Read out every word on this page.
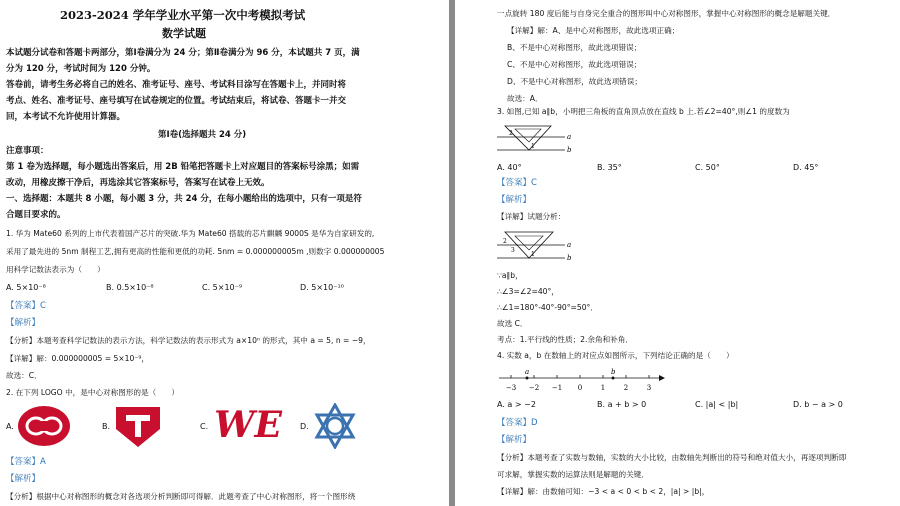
2023-2024 学年学业水平第一次中考模拟考试
数学试题
本试题分试卷和答题卡两部分，第Ⅰ卷满分为 24 分；第Ⅱ卷满分为 96 分，本试题共 7 页，满
分为 120 分，考试时间为 120 分钟。
答卷前，请考生务必将自己的姓名、准考证号、座号、考试科目涂写在答题卡上，并同时将
考点、姓名、准考证号、座号填写在试卷规定的位置。考试结束后，将试卷、答题卡一并交
回，本考试不允许使用计算器。
第Ⅰ卷(选择题共 24 分)
注意事项：
第 1 卷为选择题，每小题选出答案后，用 2B 铅笔把答题卡上对应题目的答案标号涂黑；如需
改动，用橡皮擦干净后，再选涂其它答案标号，答案写在试卷上无效。
一、选择题：本题共 8 小题，每小题 3 分，共 24 分，在每小题给出的选项中，只有一项是符
合题目要求的。
1. 华为 Mate60 系列的上市代表着国产芯片的突破.华为 Mate60 搭载的芯片麒麟 9000S 是华为自家研发的,
采用了最先进的 5nm 制程工艺,拥有更高的性能和更低的功耗. 5nm = 0.000000005m ,则数字 0.000000005
用科学记数法表示为（　　）
A. 5×10⁻⁸	B. 0.5×10⁻⁸	C. 5×10⁻⁹	D. 5×10⁻¹⁰
【答案】C
【解析】
【分析】本题考查科学记数法的表示方法，科学记数法的表示形式为 a×10ⁿ 的形式，其中 a = 5, n = −9，
【详解】解：0.000000005 = 5×10⁻⁹，
故选：C．
2. 在下列 LOGO 中，是中心对称图形的是（　　）
A.	B.	C. WE D.
【答案】A
【解析】
【分析】根据中心对称图形的概念对各选项分析判断即可得解．此题考查了中心对称图形，将一个图形绕
一点旋转 180 度后能与自身完全重合的图形叫中心对称图形，掌握中心对称图形的概念是解题关键．
【详解】解：A、是中心对称图形，故此选项正确；
B、不是中心对称图形，故此选项错误；
C、不是中心对称图形，故此选项错误；
D、不是中心对称图形，故此选项错误；
故选：A．
3. 如图,已知 a∥b，小明把三角板的直角顶点放在直线 b 上.若∠2=40°,则∠1 的度数为
a
b
1
2
A. 40°	B. 35°	C. 50°	D. 45°
【答案】C
【解析】
【详解】试题分析：
a
b
2
3
1
∵a∥b，
∴∠3=∠2=40°，
∴∠1=180°-40°-90°=50°．
故选 C．
考点：1.平行线的性质；2.余角和补角．
4. 实数 a，b 在数轴上的对应点如图所示，下列结论正确的是（　　）
−3 −2 −1 0	1	2	3
a	b
A. a > −2	B. a + b > 0	C. |a| < |b|	D. b − a > 0
【答案】D
【解析】
【分析】本题考查了实数与数轴，实数的大小比较，由数轴先判断出的符号和绝对值大小，再逐项判断即
可求解，掌握实数的运算法则是解题的关键．
【详解】解：由数轴可知：−3 < a < 0 < b < 2，|a| > |b|，
